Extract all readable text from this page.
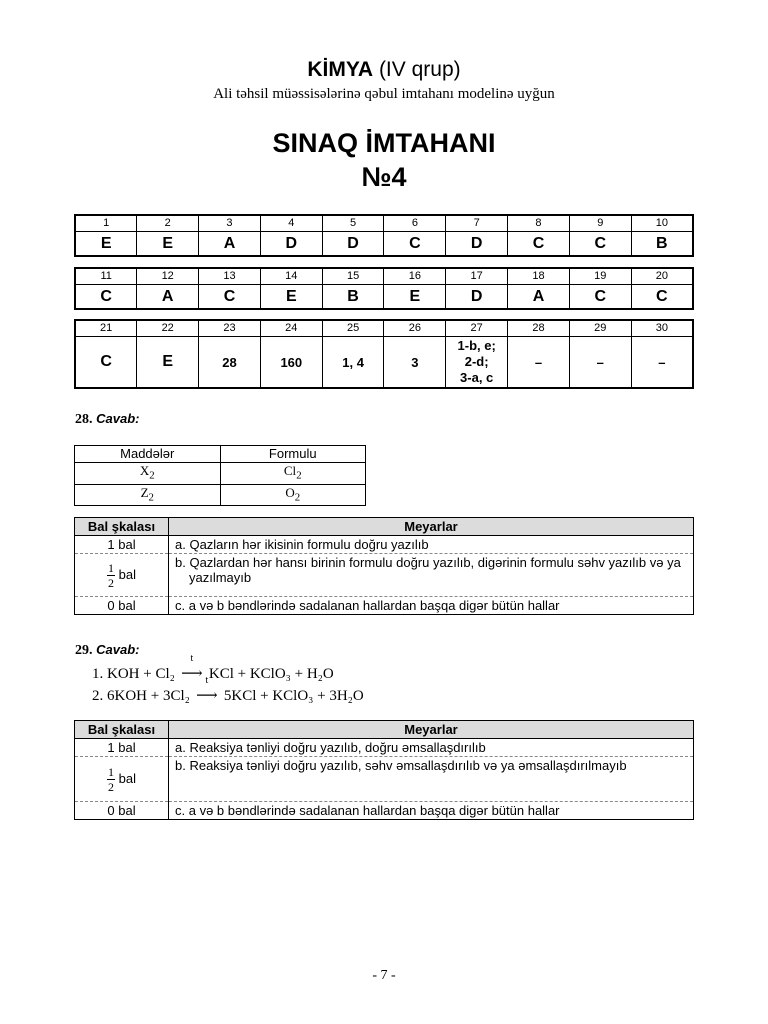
KİMYA (IV qrup)
Ali təhsil müəssisələrinə qəbul imtahanı modelinə uyğun
SINAQ İMTAHANI
№4
1	2	3	4	5	6	7	8	9	10
E	E	A	D	D	C	D	C	C	B
11	12	13	14	15	16	17	18	19	20
C	A	C	E	B	E	D	A	C	C
21	22	23	24	25	26	27	28	29	30
C	E	28	160	1, 4	3	1-b, e;
2-d;
3-a, c	–	–	–
28. Cavab:
Maddələr	Formulu
$X_2$	$Cl_2$
$Z_2$	$O_2$
Bal şkalası	Meyarlar
1 bal	a. Qazların hər ikisinin formulu doğru yazılıb

$\frac{1}{2}$ bal	b. Qazlardan hər hansı birinin formulu doğru yazılıb, digərinin formulu səhv yazılıb və ya yazılmayıb

0 bal	c. a və b bəndlərində sadalanan hallardan başqa digər bütün hallar
29. Cavab:
1. KOH + Cl₂
t
⟶ KCl + KClO₃ + H₂O
2. 6KOH + 3Cl₂
t
⟶ 5KCl + KClO₃ + 3H₂O
Bal şkalası	Meyarlar
1 bal	a. Reaksiya tənliyi doğru yazılıb, doğru əmsallaşdırılıb

$\frac{1}{2}$ bal	b. Reaksiya tənliyi doğru yazılıb, səhv əmsallaşdırılıb və ya əmsallaşdırılmayıb
0 bal	c. a və b bəndlərində sadalanan hallardan başqa digər bütün hallar
- 7 -
